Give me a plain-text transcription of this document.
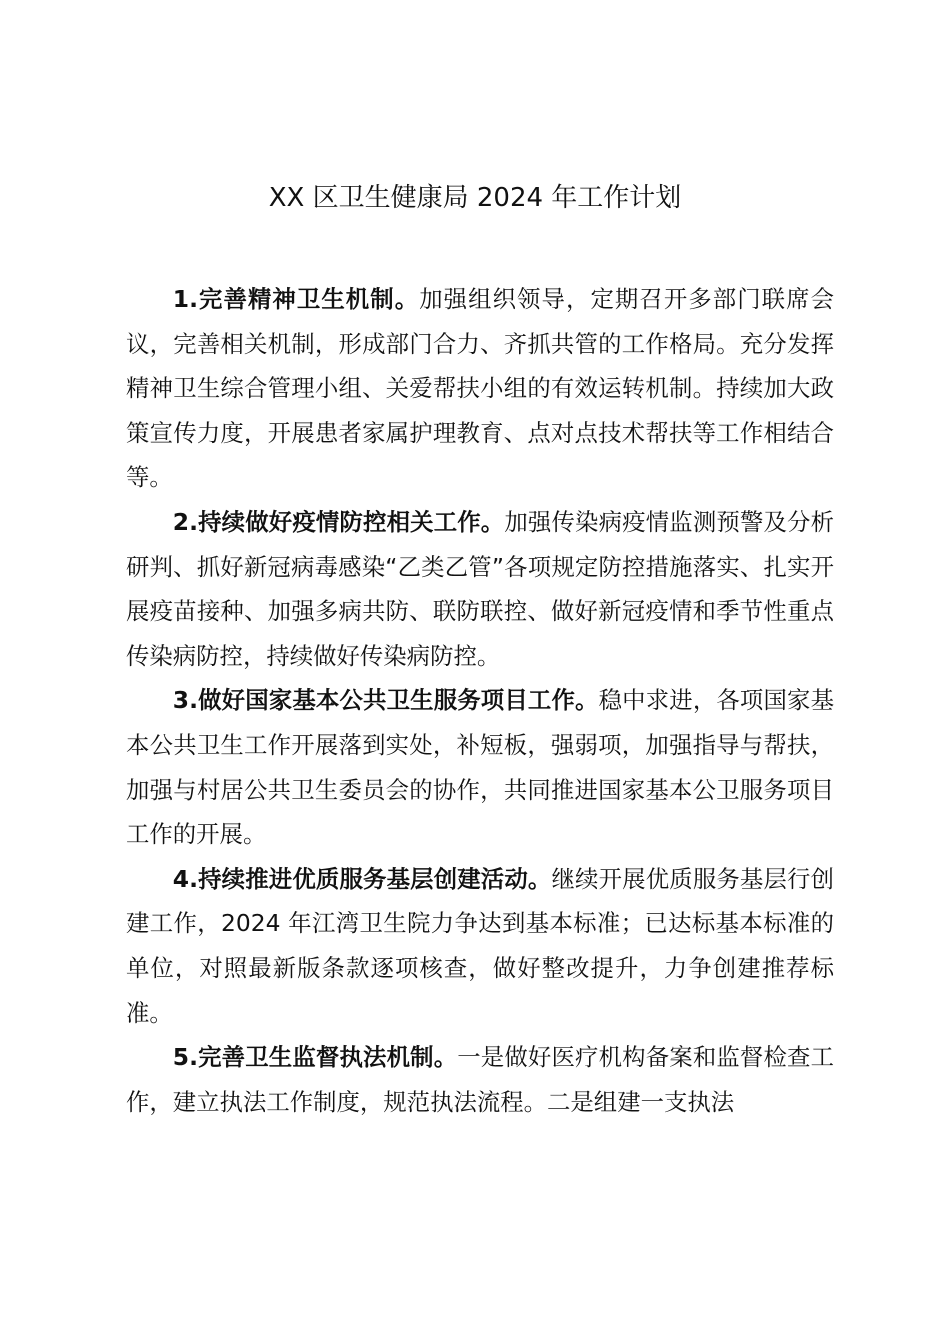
XX 区卫生健康局 2024 年工作计划

1.完善精神卫生机制。加强组织领导，定期召开多部门联席会议，完善相关机制，形成部门合力、齐抓共管的工作格局。充分发挥精神卫生综合管理小组、关爱帮扶小组的有效运转机制。持续加大政策宣传力度，开展患者家属护理教育、点对点技术帮扶等工作相结合等。

2.持续做好疫情防控相关工作。加强传染病疫情监测预警及分析研判、抓好新冠病毒感染“乙类乙管”各项规定防控措施落实、扎实开展疫苗接种、加强多病共防、联防联控、做好新冠疫情和季节性重点传染病防控，持续做好传染病防控。

3.做好国家基本公共卫生服务项目工作。稳中求进，各项国家基本公共卫生工作开展落到实处，补短板，强弱项，加强指导与帮扶，加强与村居公共卫生委员会的协作，共同推进国家基本公卫服务项目工作的开展。

4.持续推进优质服务基层创建活动。继续开展优质服务基层行创建工作，2024 年江湾卫生院力争达到基本标准；已达标基本标准的单位，对照最新版条款逐项核查，做好整改提升，力争创建推荐标准。

5.完善卫生监督执法机制。一是做好医疗机构备案和监督检查工作，建立执法工作制度，规范执法流程。二是组建一支执法
